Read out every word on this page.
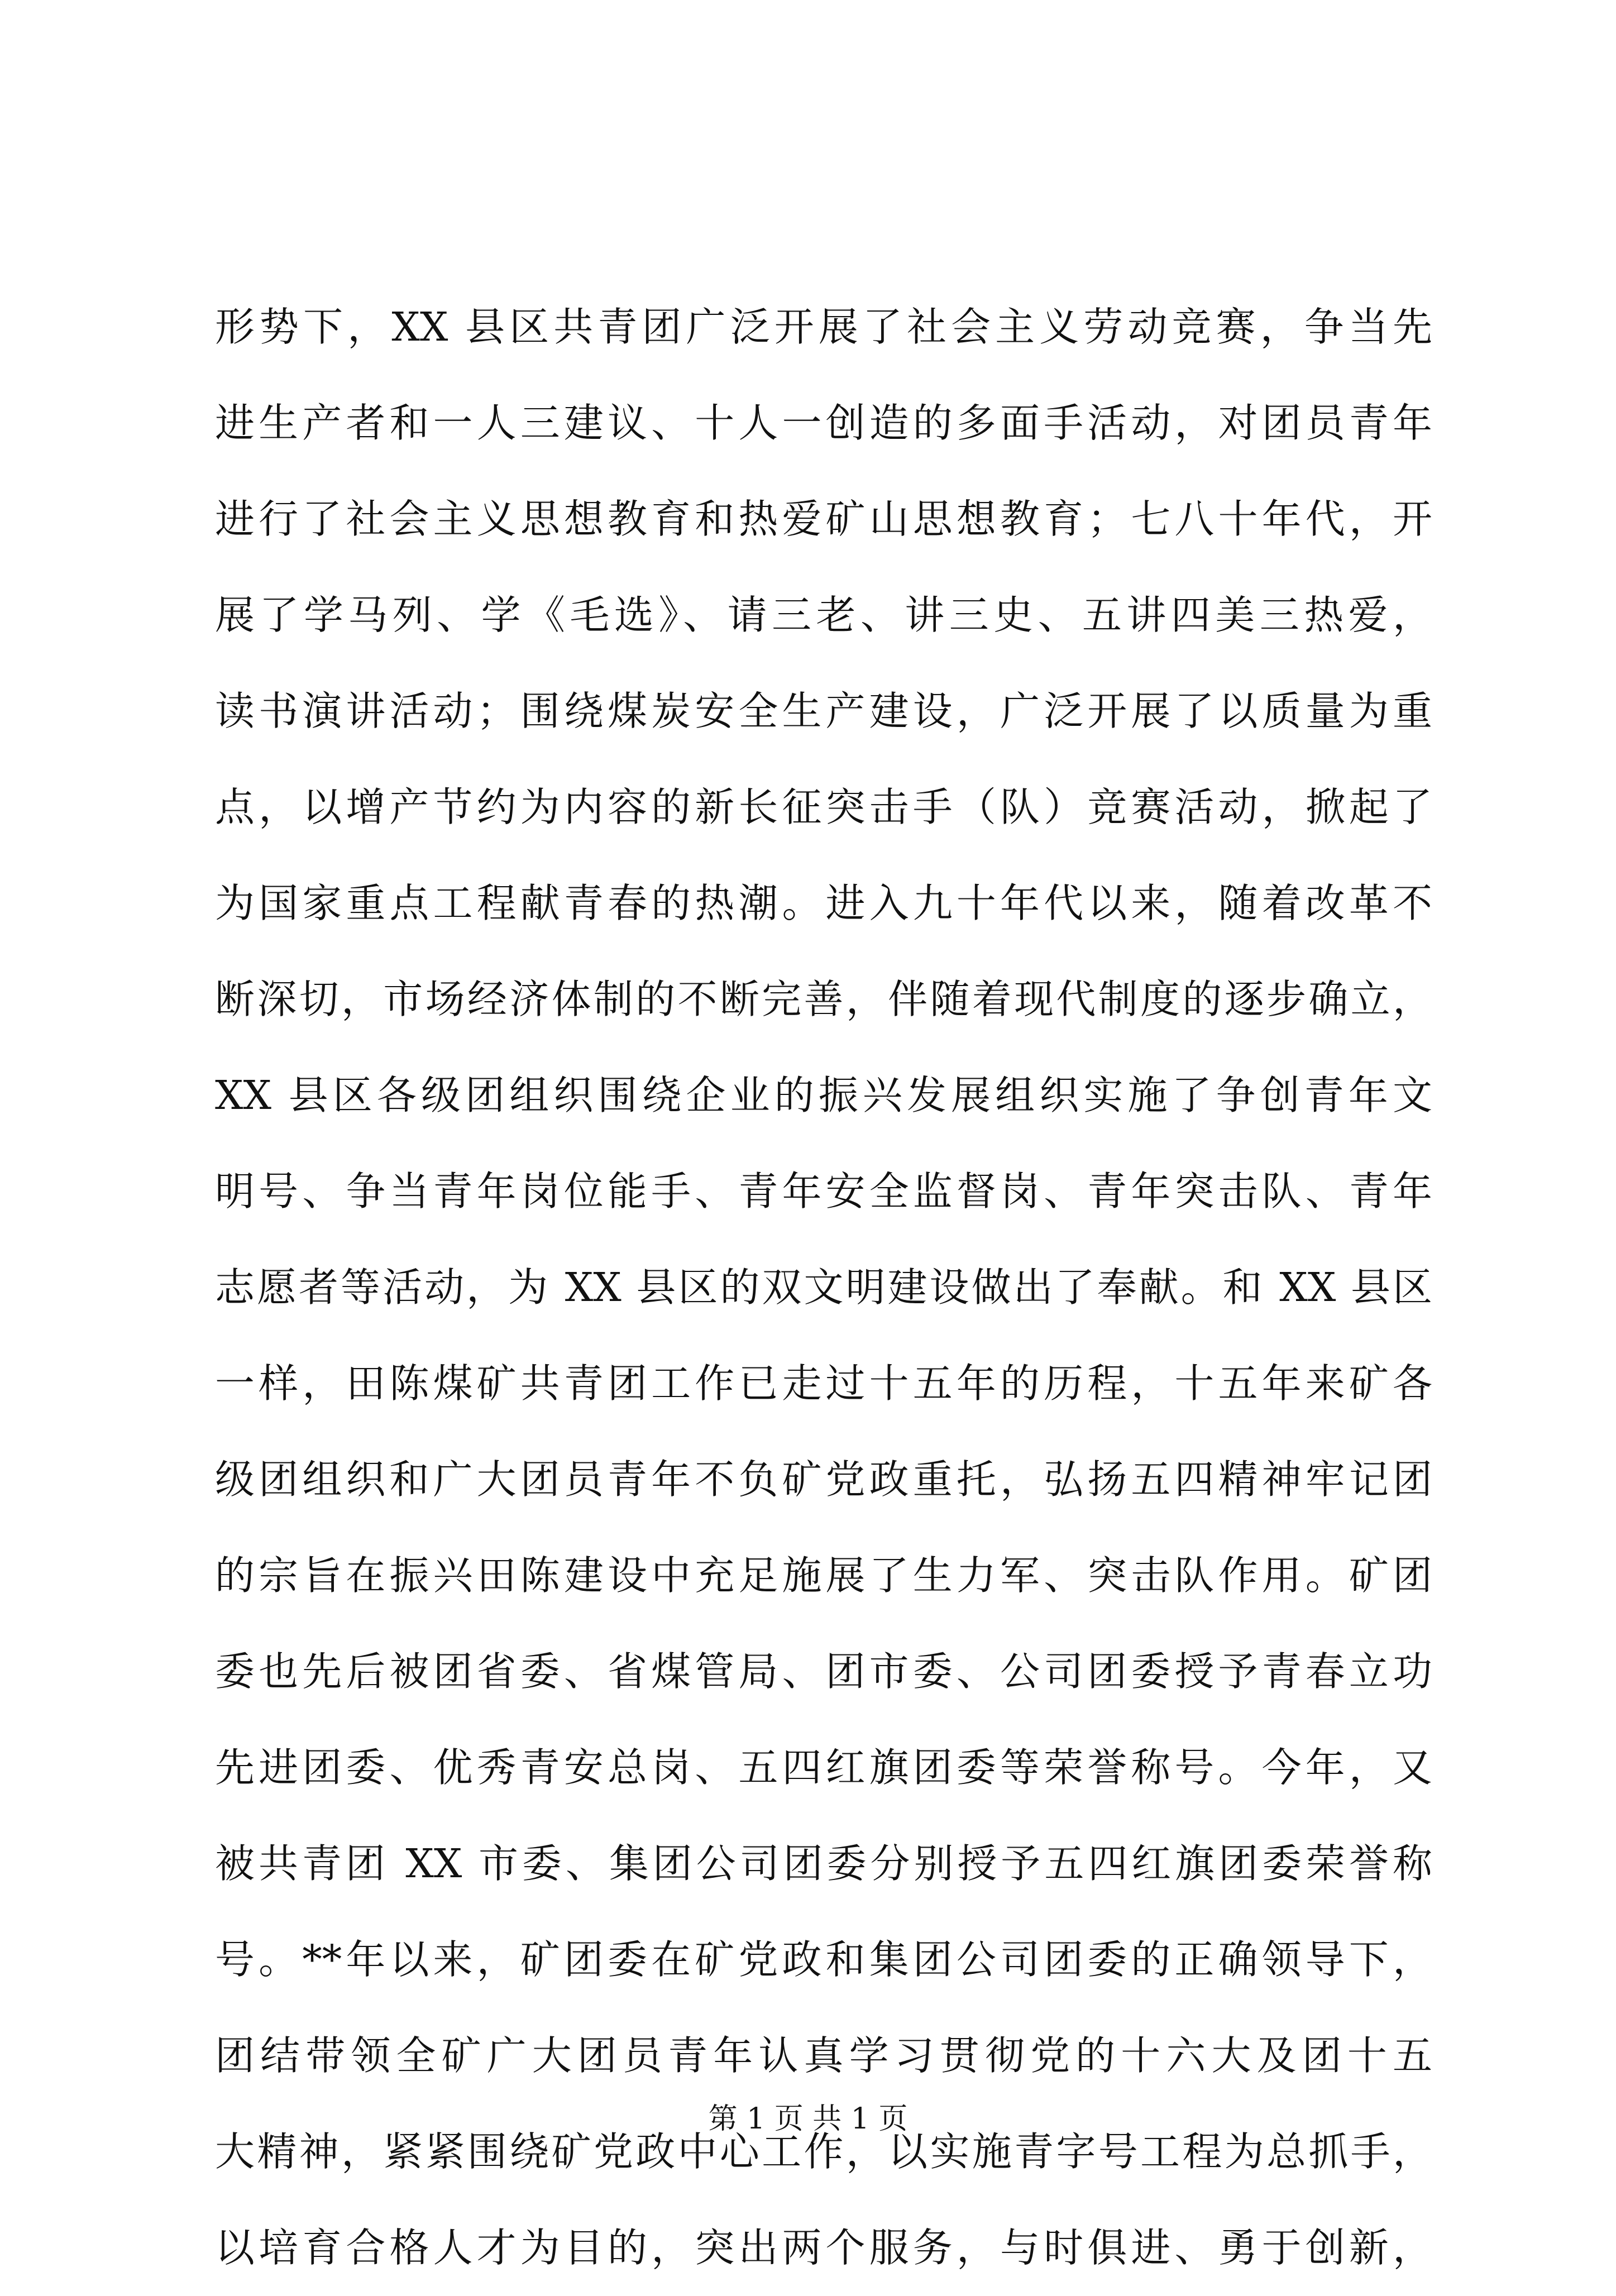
形势下，XX 县区共青团广泛开展了社会主义劳动竞赛，争当先
进生产者和一人三建议、十人一创造的多面手活动，对团员青年
进行了社会主义思想教育和热爱矿山思想教育；七八十年代，开
展了学马列、学《毛选》、请三老、讲三史、五讲四美三热爱，
读书演讲活动；围绕煤炭安全生产建设，广泛开展了以质量为重
点，以增产节约为内容的新长征突击手（队）竞赛活动，掀起了
为国家重点工程献青春的热潮。进入九十年代以来，随着改革不
断深切，市场经济体制的不断完善，伴随着现代制度的逐步确立，
XX 县区各级团组织围绕企业的振兴发展组织实施了争创青年文
明号、争当青年岗位能手、青年安全监督岗、青年突击队、青年
志愿者等活动，为 XX 县区的双文明建设做出了奉献。和 XX 县区
一样，田陈煤矿共青团工作已走过十五年的历程，十五年来矿各
级团组织和广大团员青年不负矿党政重托，弘扬五四精神牢记团
的宗旨在振兴田陈建设中充足施展了生力军、突击队作用。矿团
委也先后被团省委、省煤管局、团市委、公司团委授予青春立功
先进团委、优秀青安总岗、五四红旗团委等荣誉称号。今年，又
被共青团 XX 市委、集团公司团委分别授予五四红旗团委荣誉称
号。**年以来，矿团委在矿党政和集团公司团委的正确领导下，
团结带领全矿广大团员青年认真学习贯彻党的十六大及团十五
大精神，紧紧围绕矿党政中心工作，以实施青字号工程为总抓手，
以培育合格人才为目的，突出两个服务，与时俱进、勇于创新，
第 1 页 共 1 页
